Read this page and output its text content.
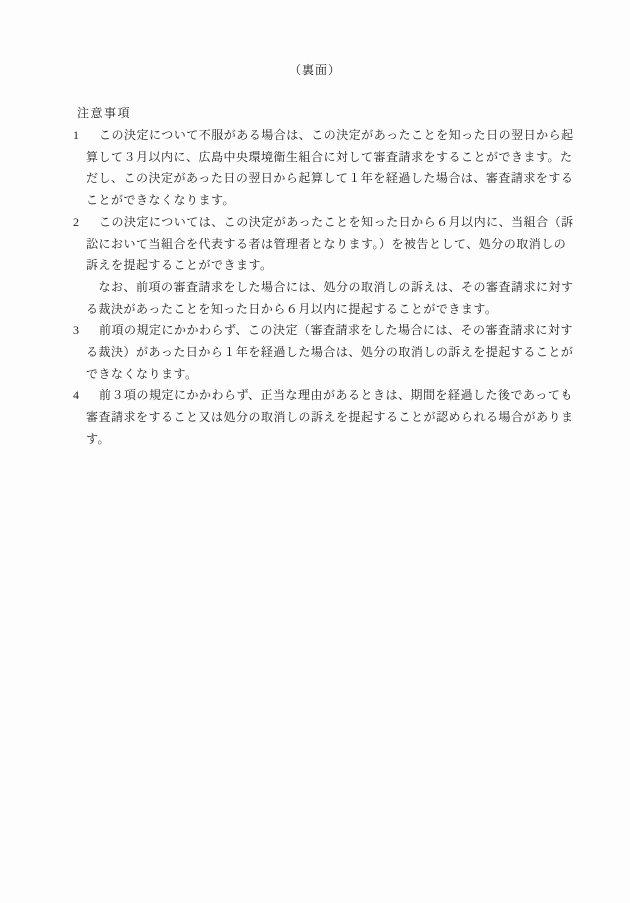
（裏面）
注意事項
1 この決定について不服がある場合は、この決定があったことを知った日の翌日から起
算して３月以内に、広島中央環境衛生組合に対して審査請求をすることができます。た
だし、この決定があった日の翌日から起算して１年を経過した場合は、審査請求をする
ことができなくなります。
2 この決定については、この決定があったことを知った日から６月以内に、当組合（訴
訟において当組合を代表する者は管理者となります。）を被告として、処分の取消しの
訴えを提起することができます。
　なお、前項の審査請求をした場合には、処分の取消しの訴えは、その審査請求に対す
る裁決があったことを知った日から６月以内に提起することができます。
3 前項の規定にかかわらず、この決定（審査請求をした場合には、その審査請求に対す
る裁決）があった日から１年を経過した場合は、処分の取消しの訴えを提起することが
できなくなります。
4 前３項の規定にかかわらず、正当な理由があるときは、期間を経過した後であっても
審査請求をすること又は処分の取消しの訴えを提起することが認められる場合がありま
す。
